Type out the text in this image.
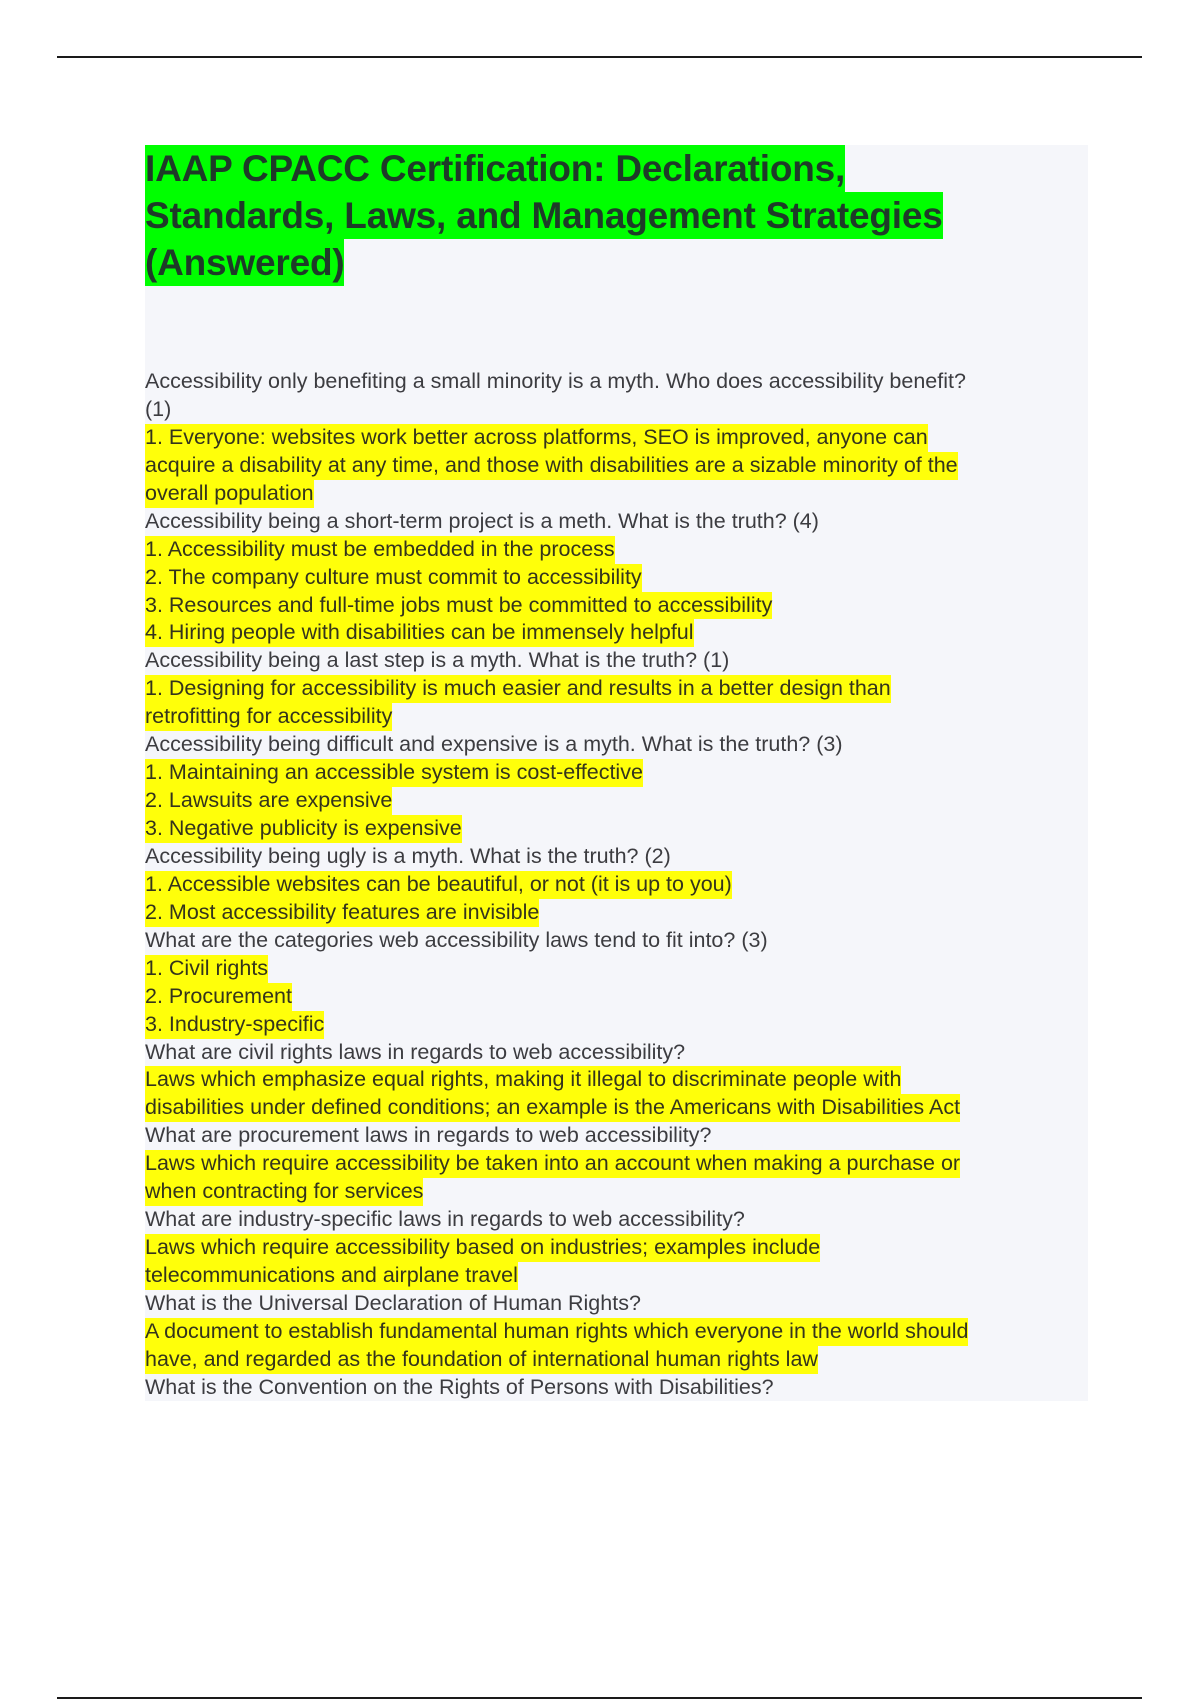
IAAP CPACC Certification: Declarations,
Standards, Laws, and Management Strategies
(Answered)
Accessibility only benefiting a small minority is a myth. Who does accessibility benefit?
(1)
1. Everyone: websites work better across platforms, SEO is improved, anyone can
acquire a disability at any time, and those with disabilities are a sizable minority of the
overall population
Accessibility being a short-term project is a meth. What is the truth? (4)
1. Accessibility must be embedded in the process
2. The company culture must commit to accessibility
3. Resources and full-time jobs must be committed to accessibility
4. Hiring people with disabilities can be immensely helpful
Accessibility being a last step is a myth. What is the truth? (1)
1. Designing for accessibility is much easier and results in a better design than
retrofitting for accessibility
Accessibility being difficult and expensive is a myth. What is the truth? (3)
1. Maintaining an accessible system is cost-effective
2. Lawsuits are expensive
3. Negative publicity is expensive
Accessibility being ugly is a myth. What is the truth? (2)
1. Accessible websites can be beautiful, or not (it is up to you)
2. Most accessibility features are invisible
What are the categories web accessibility laws tend to fit into? (3)
1. Civil rights
2. Procurement
3. Industry-specific
What are civil rights laws in regards to web accessibility?
Laws which emphasize equal rights, making it illegal to discriminate people with
disabilities under defined conditions; an example is the Americans with Disabilities Act
What are procurement laws in regards to web accessibility?
Laws which require accessibility be taken into an account when making a purchase or
when contracting for services
What are industry-specific laws in regards to web accessibility?
Laws which require accessibility based on industries; examples include
telecommunications and airplane travel
What is the Universal Declaration of Human Rights?
A document to establish fundamental human rights which everyone in the world should
have, and regarded as the foundation of international human rights law
What is the Convention on the Rights of Persons with Disabilities?
